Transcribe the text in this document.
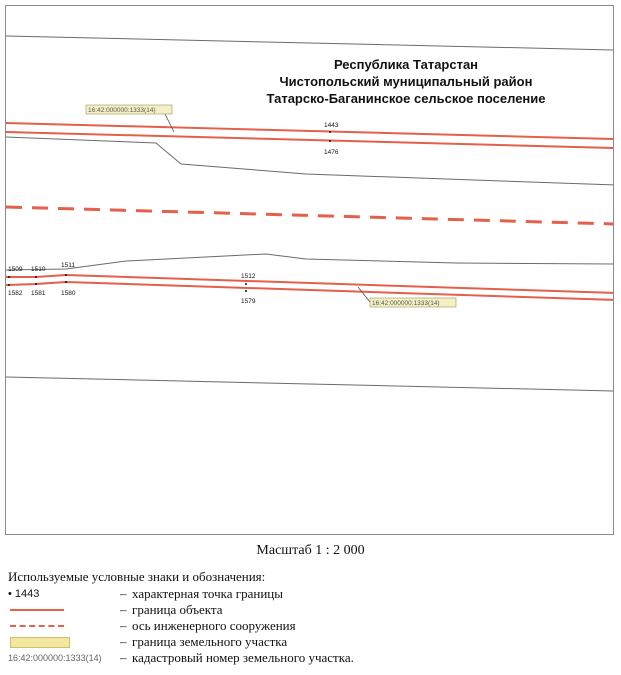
16:42:000000:1333(14)
16:42:000000:1333(14)
1443
1476
1509 1510
1511
1582 1581 1580
1512
1579
Республика Татарстан
Чистопольский муниципальный район
Татарско-Баганинское сельское поселение
Масштаб 1 : 2 000
Используемые условные знаки и обозначения:
• 1443	– характерная точка границы
– граница объекта
– ось инженерного сооружения
– граница земельного участка
16:42:000000:1333(14) – кадастровый номер земельного участка.
